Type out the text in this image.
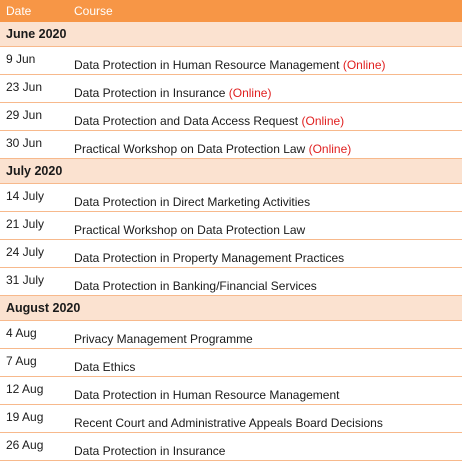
Date	Course
June 2020	
9 Jun	Data Protection in Human Resource Management (Online)
23 Jun	Data Protection in Insurance (Online)
29 Jun	Data Protection and Data Access Request (Online)
30 Jun	Practical Workshop on Data Protection Law (Online)
July 2020	
14 July	Data Protection in Direct Marketing Activities
21 July	Practical Workshop on Data Protection Law
24 July	Data Protection in Property Management Practices
31 July	Data Protection in Banking/Financial Services
August 2020	
4 Aug	Privacy Management Programme
7 Aug	Data Ethics
12 Aug	Data Protection in Human Resource Management
19 Aug	Recent Court and Administrative Appeals Board Decisions
26 Aug	Data Protection in Insurance
